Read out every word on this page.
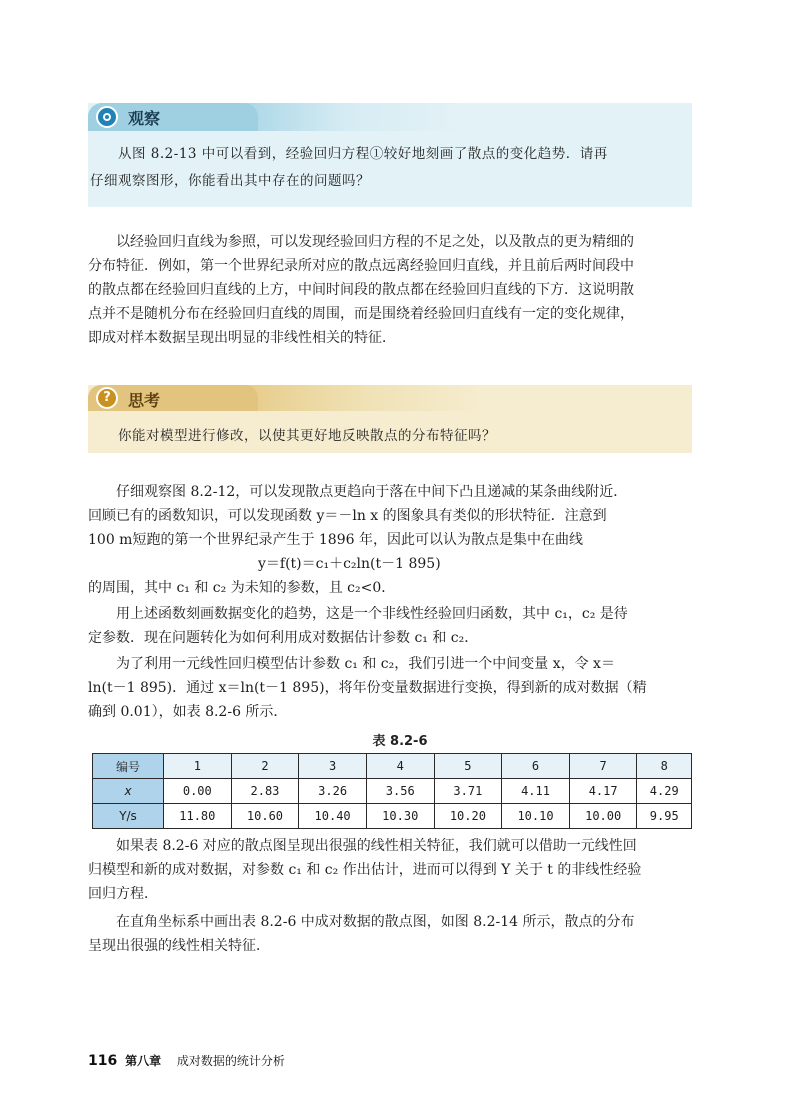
观察
从图 8.2-13 中可以看到，经验回归方程①较好地刻画了散点的变化趋势．请再
仔细观察图形，你能看出其中存在的问题吗？
以经验回归直线为参照，可以发现经验回归方程的不足之处，以及散点的更为精细的
分布特征．例如，第一个世界纪录所对应的散点远离经验回归直线，并且前后两时间段中
的散点都在经验回归直线的上方，中间时间段的散点都在经验回归直线的下方．这说明散
点并不是随机分布在经验回归直线的周围，而是围绕着经验回归直线有一定的变化规律，
即成对样本数据呈现出明显的非线性相关的特征．
?	思考
你能对模型进行修改，以使其更好地反映散点的分布特征吗？
仔细观察图 8.2-12，可以发现散点更趋向于落在中间下凸且递减的某条曲线附近．
回顾已有的函数知识，可以发现函数 y＝－ln x 的图象具有类似的形状特征．注意到
100 m短跑的第一个世界纪录产生于 1896 年，因此可以认为散点是集中在曲线
y＝f(t)＝c₁＋c₂ln(t－1 895)
的周围，其中 c₁ 和 c₂ 为未知的参数，且 c₂<0．
用上述函数刻画数据变化的趋势，这是一个非线性经验回归函数，其中 c₁，c₂ 是待
定参数．现在问题转化为如何利用成对数据估计参数 c₁ 和 c₂．
为了利用一元线性回归模型估计参数 c₁ 和 c₂，我们引进一个中间变量 x，令 x＝
ln(t－1 895)．通过 x＝ln(t－1 895)，将年份变量数据进行变换，得到新的成对数据（精
确到 0.01），如表 8.2-6 所示．
表 8.2-6
编号	1	2	3	4	5	6	7	8
x	0.00	2.83	3.26	3.56	3.71	4.11	4.17	4.29
Y/s	11.80	10.60	10.40	10.30	10.20	10.10	10.00	9.95
如果表 8.2-6 对应的散点图呈现出很强的线性相关特征，我们就可以借助一元线性回
归模型和新的成对数据，对参数 c₁ 和 c₂ 作出估计，进而可以得到 Y 关于 t 的非线性经验
回归方程．
在直角坐标系中画出表 8.2-6 中成对数据的散点图，如图 8.2-14 所示，散点的分布
呈现出很强的线性相关特征．
116 第八章 成对数据的统计分析
